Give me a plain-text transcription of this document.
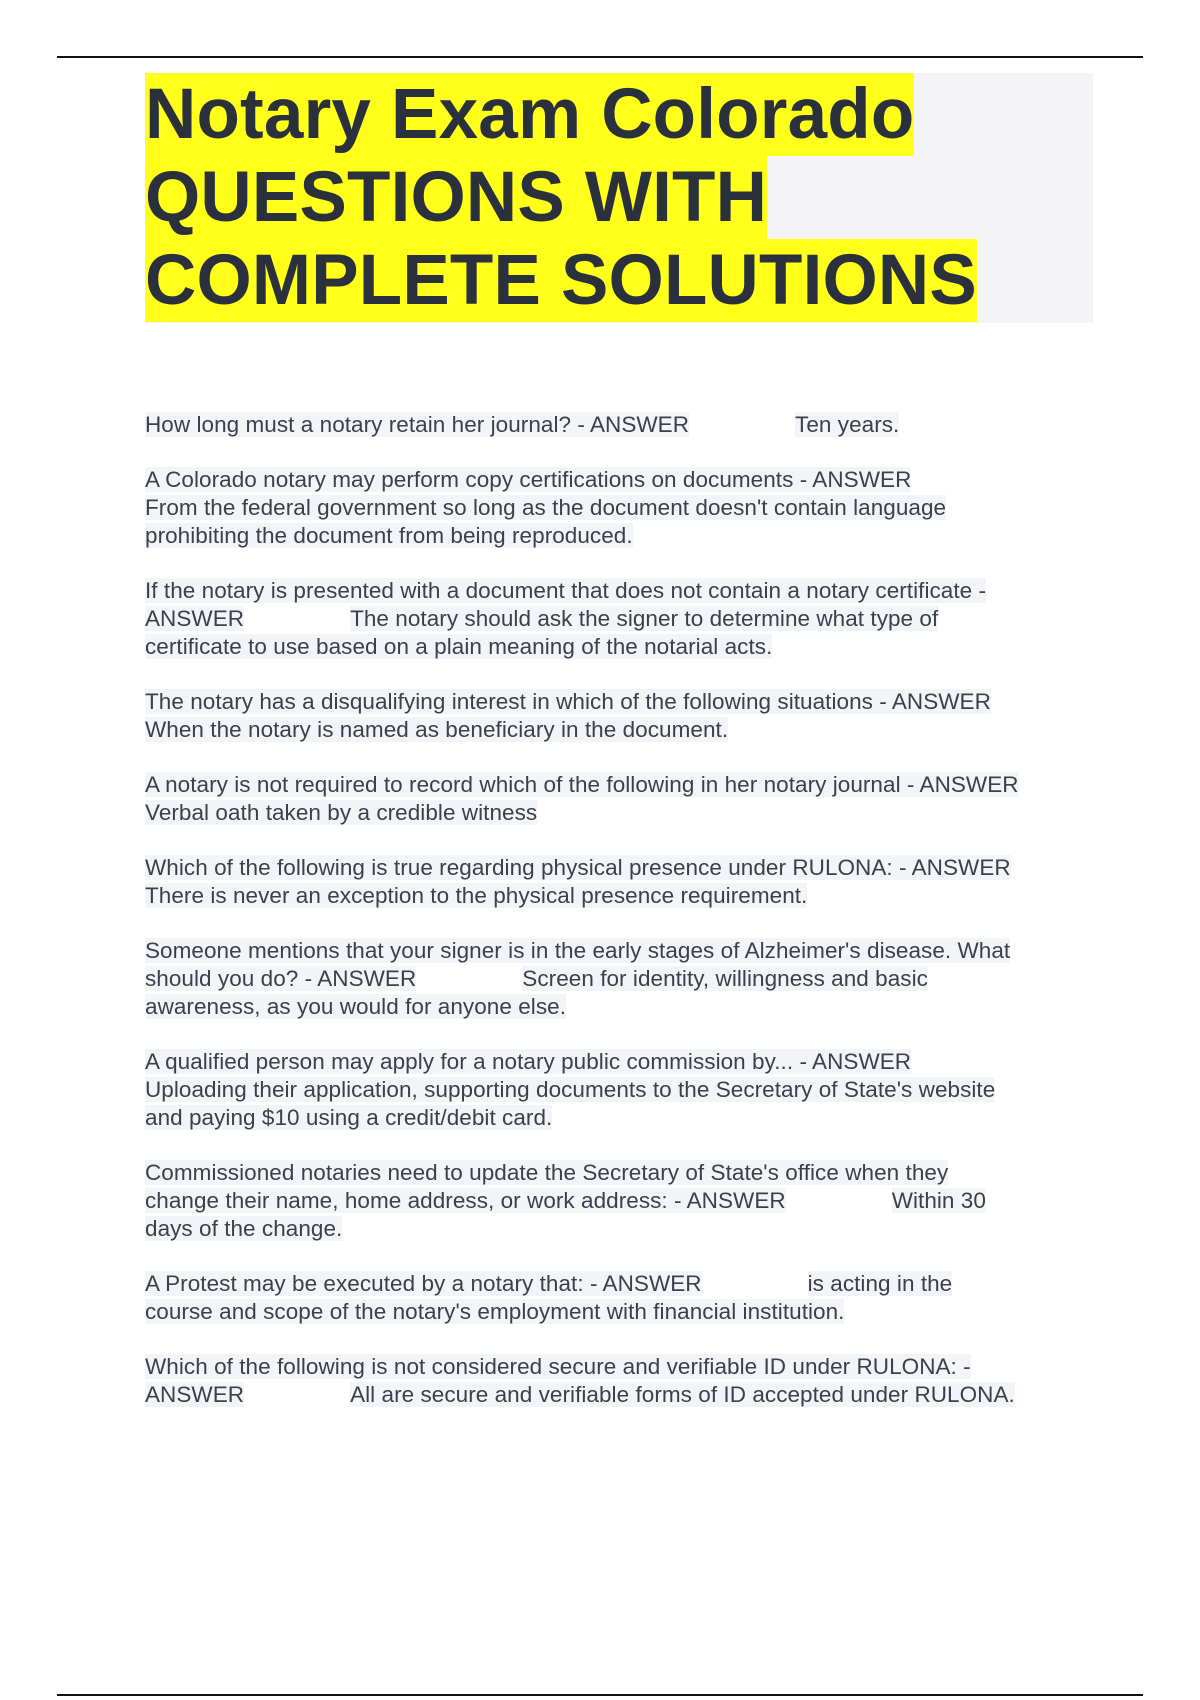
Notary Exam Colorado
QUESTIONS WITH
COMPLETE SOLUTIONS
How long must a notary retain her journal? - ANSWER	Ten years.
A Colorado notary may perform copy certifications on documents - ANSWER
From the federal government so long as the document doesn't contain language
prohibiting the document from being reproduced.
If the notary is presented with a document that does not contain a notary certificate -
ANSWER	The notary should ask the signer to determine what type of
certificate to use based on a plain meaning of the notarial acts.
The notary has a disqualifying interest in which of the following situations - ANSWER
When the notary is named as beneficiary in the document.
A notary is not required to record which of the following in her notary journal - ANSWER
Verbal oath taken by a credible witness
Which of the following is true regarding physical presence under RULONA: - ANSWER
There is never an exception to the physical presence requirement.
Someone mentions that your signer is in the early stages of Alzheimer's disease. What
should you do? - ANSWER	Screen for identity, willingness and basic
awareness, as you would for anyone else.
A qualified person may apply for a notary public commission by... - ANSWER
Uploading their application, supporting documents to the Secretary of State's website
and paying $10 using a credit/debit card.
Commissioned notaries need to update the Secretary of State's office when they
change their name, home address, or work address: - ANSWER	Within 30
days of the change.
A Protest may be executed by a notary that: - ANSWER	is acting in the
course and scope of the notary's employment with financial institution.
Which of the following is not considered secure and verifiable ID under RULONA: -
ANSWER	All are secure and verifiable forms of ID accepted under RULONA.
